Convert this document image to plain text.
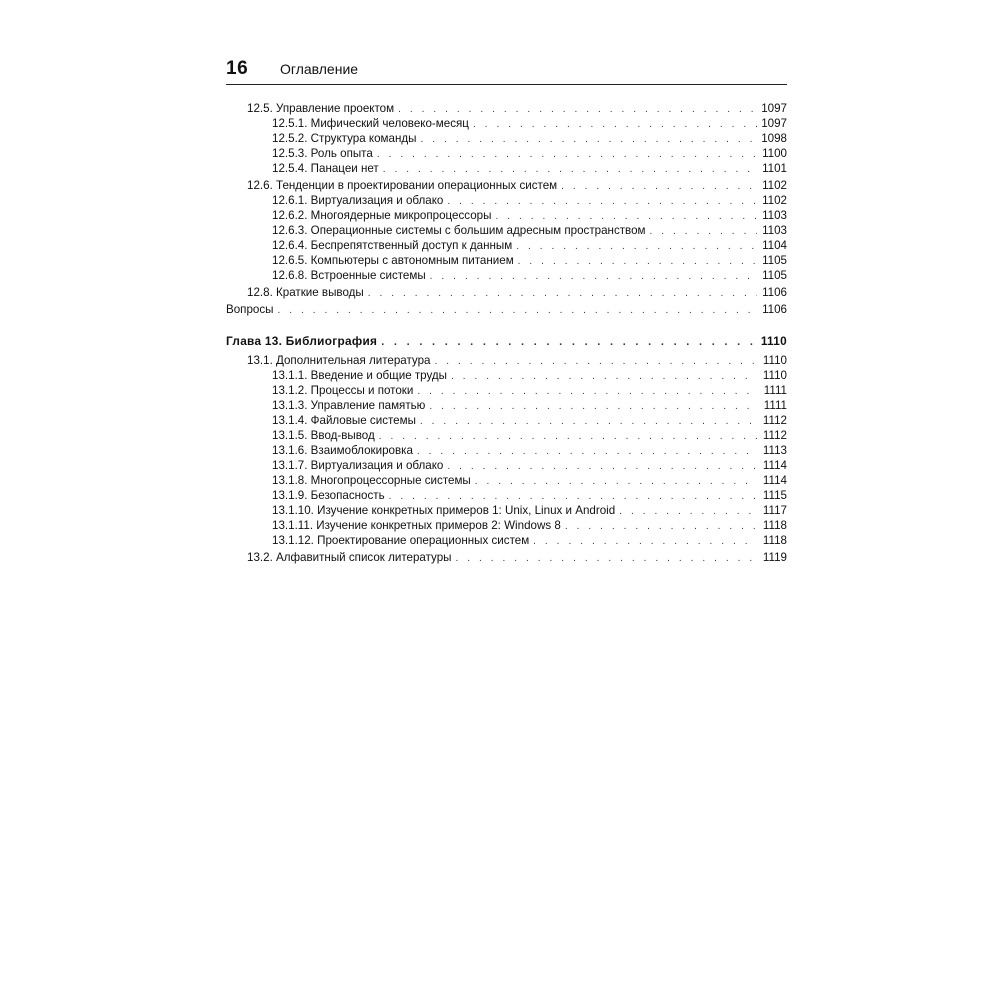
16	Оглавление
12.5. Управление проектом . . .	1097
12.5.1. Мифический человеко-месяц . . .	1097
12.5.2. Структура команды . . .	1098
12.5.3. Роль опыта . . .	1100
12.5.4. Панацеи нет . . .	1101
12.6. Тенденции в проектировании операционных систем . . .	1102
12.6.1. Виртуализация и облако . . .	1102
12.6.2. Многоядерные микропроцессоры . . .	1103
12.6.3. Операционные системы с большим адресным пространством . . .	1103
12.6.4. Беспрепятственный доступ к данным . . .	1104
12.6.5. Компьютеры с автономным питанием . . .	1105
12.6.8. Встроенные системы . . .	1105
12.8. Краткие выводы . . .	1106
Вопросы . . .	1106
Глава 13. Библиография . . .	1110
13.1. Дополнительная литература . . .	1110
13.1.1. Введение и общие труды . . .	1110
13.1.2. Процессы и потоки . . .	1111
13.1.3. Управление памятью . . .	1111
13.1.4. Файловые системы . . .	1112
13.1.5. Ввод-вывод . . .	1112
13.1.6. Взаимоблокировка . . .	1113
13.1.7. Виртуализация и облако . . .	1114
13.1.8. Многопроцессорные системы . . .	1114
13.1.9. Безопасность . . .	1115
13.1.10. Изучение конкретных примеров 1: Unix, Linux и Android . . .	1117
13.1.11. Изучение конкретных примеров 2: Windows 8 . . .	1118
13.1.12. Проектирование операционных систем . . .	1118
13.2. Алфавитный список литературы . . .	1119
